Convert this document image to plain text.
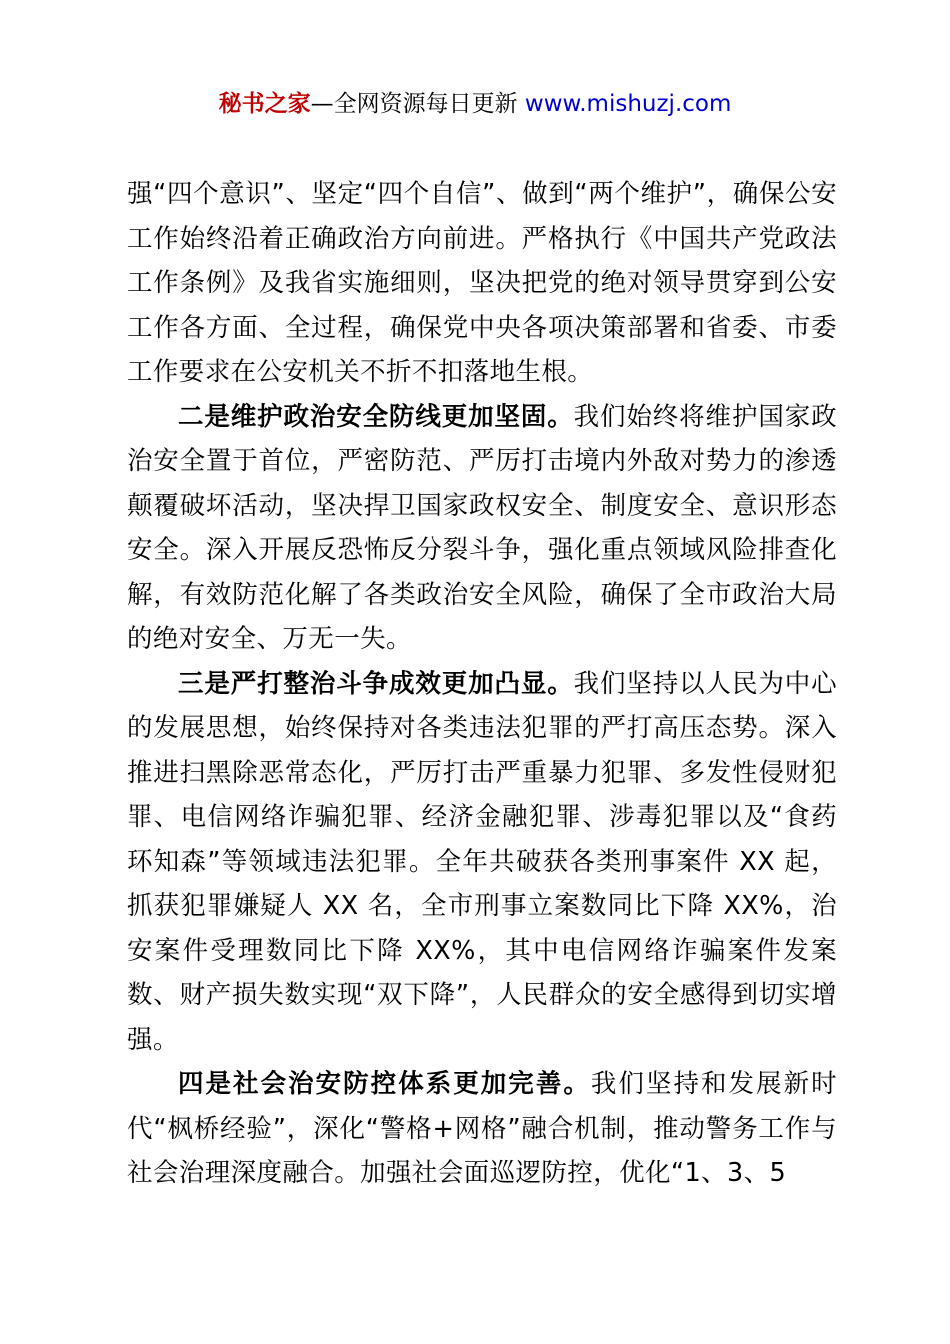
秘书之家—全网资源每日更新 www.mishuzj.com

强“四个意识”、坚定“四个自信”、做到“两个维护”，确保公安工作始终沿着正确政治方向前进。严格执行《中国共产党政法工作条例》及我省实施细则，坚决把党的绝对领导贯穿到公安工作各方面、全过程，确保党中央各项决策部署和省委、市委工作要求在公安机关不折不扣落地生根。

二是维护政治安全防线更加坚固。我们始终将维护国家政治安全置于首位，严密防范、严厉打击境内外敌对势力的渗透颠覆破坏活动，坚决捍卫国家政权安全、制度安全、意识形态安全。深入开展反恐怖反分裂斗争，强化重点领域风险排查化解，有效防范化解了各类政治安全风险，确保了全市政治大局的绝对安全、万无一失。

三是严打整治斗争成效更加凸显。我们坚持以人民为中心的发展思想，始终保持对各类违法犯罪的严打高压态势。深入推进扫黑除恶常态化，严厉打击严重暴力犯罪、多发性侵财犯罪、电信网络诈骗犯罪、经济金融犯罪、涉毒犯罪以及“食药环知森”等领域违法犯罪。全年共破获各类刑事案件 XX 起，抓获犯罪嫌疑人 XX 名，全市刑事立案数同比下降 XX%，治安案件受理数同比下降 XX%，其中电信网络诈骗案件发案数、财产损失数实现“双下降”，人民群众的安全感得到切实增强。

四是社会治安防控体系更加完善。我们坚持和发展新时代“枫桥经验”，深化“警格+网格”融合机制，推动警务工作与社会治理深度融合。加强社会面巡逻防控，优化“1、3、5
